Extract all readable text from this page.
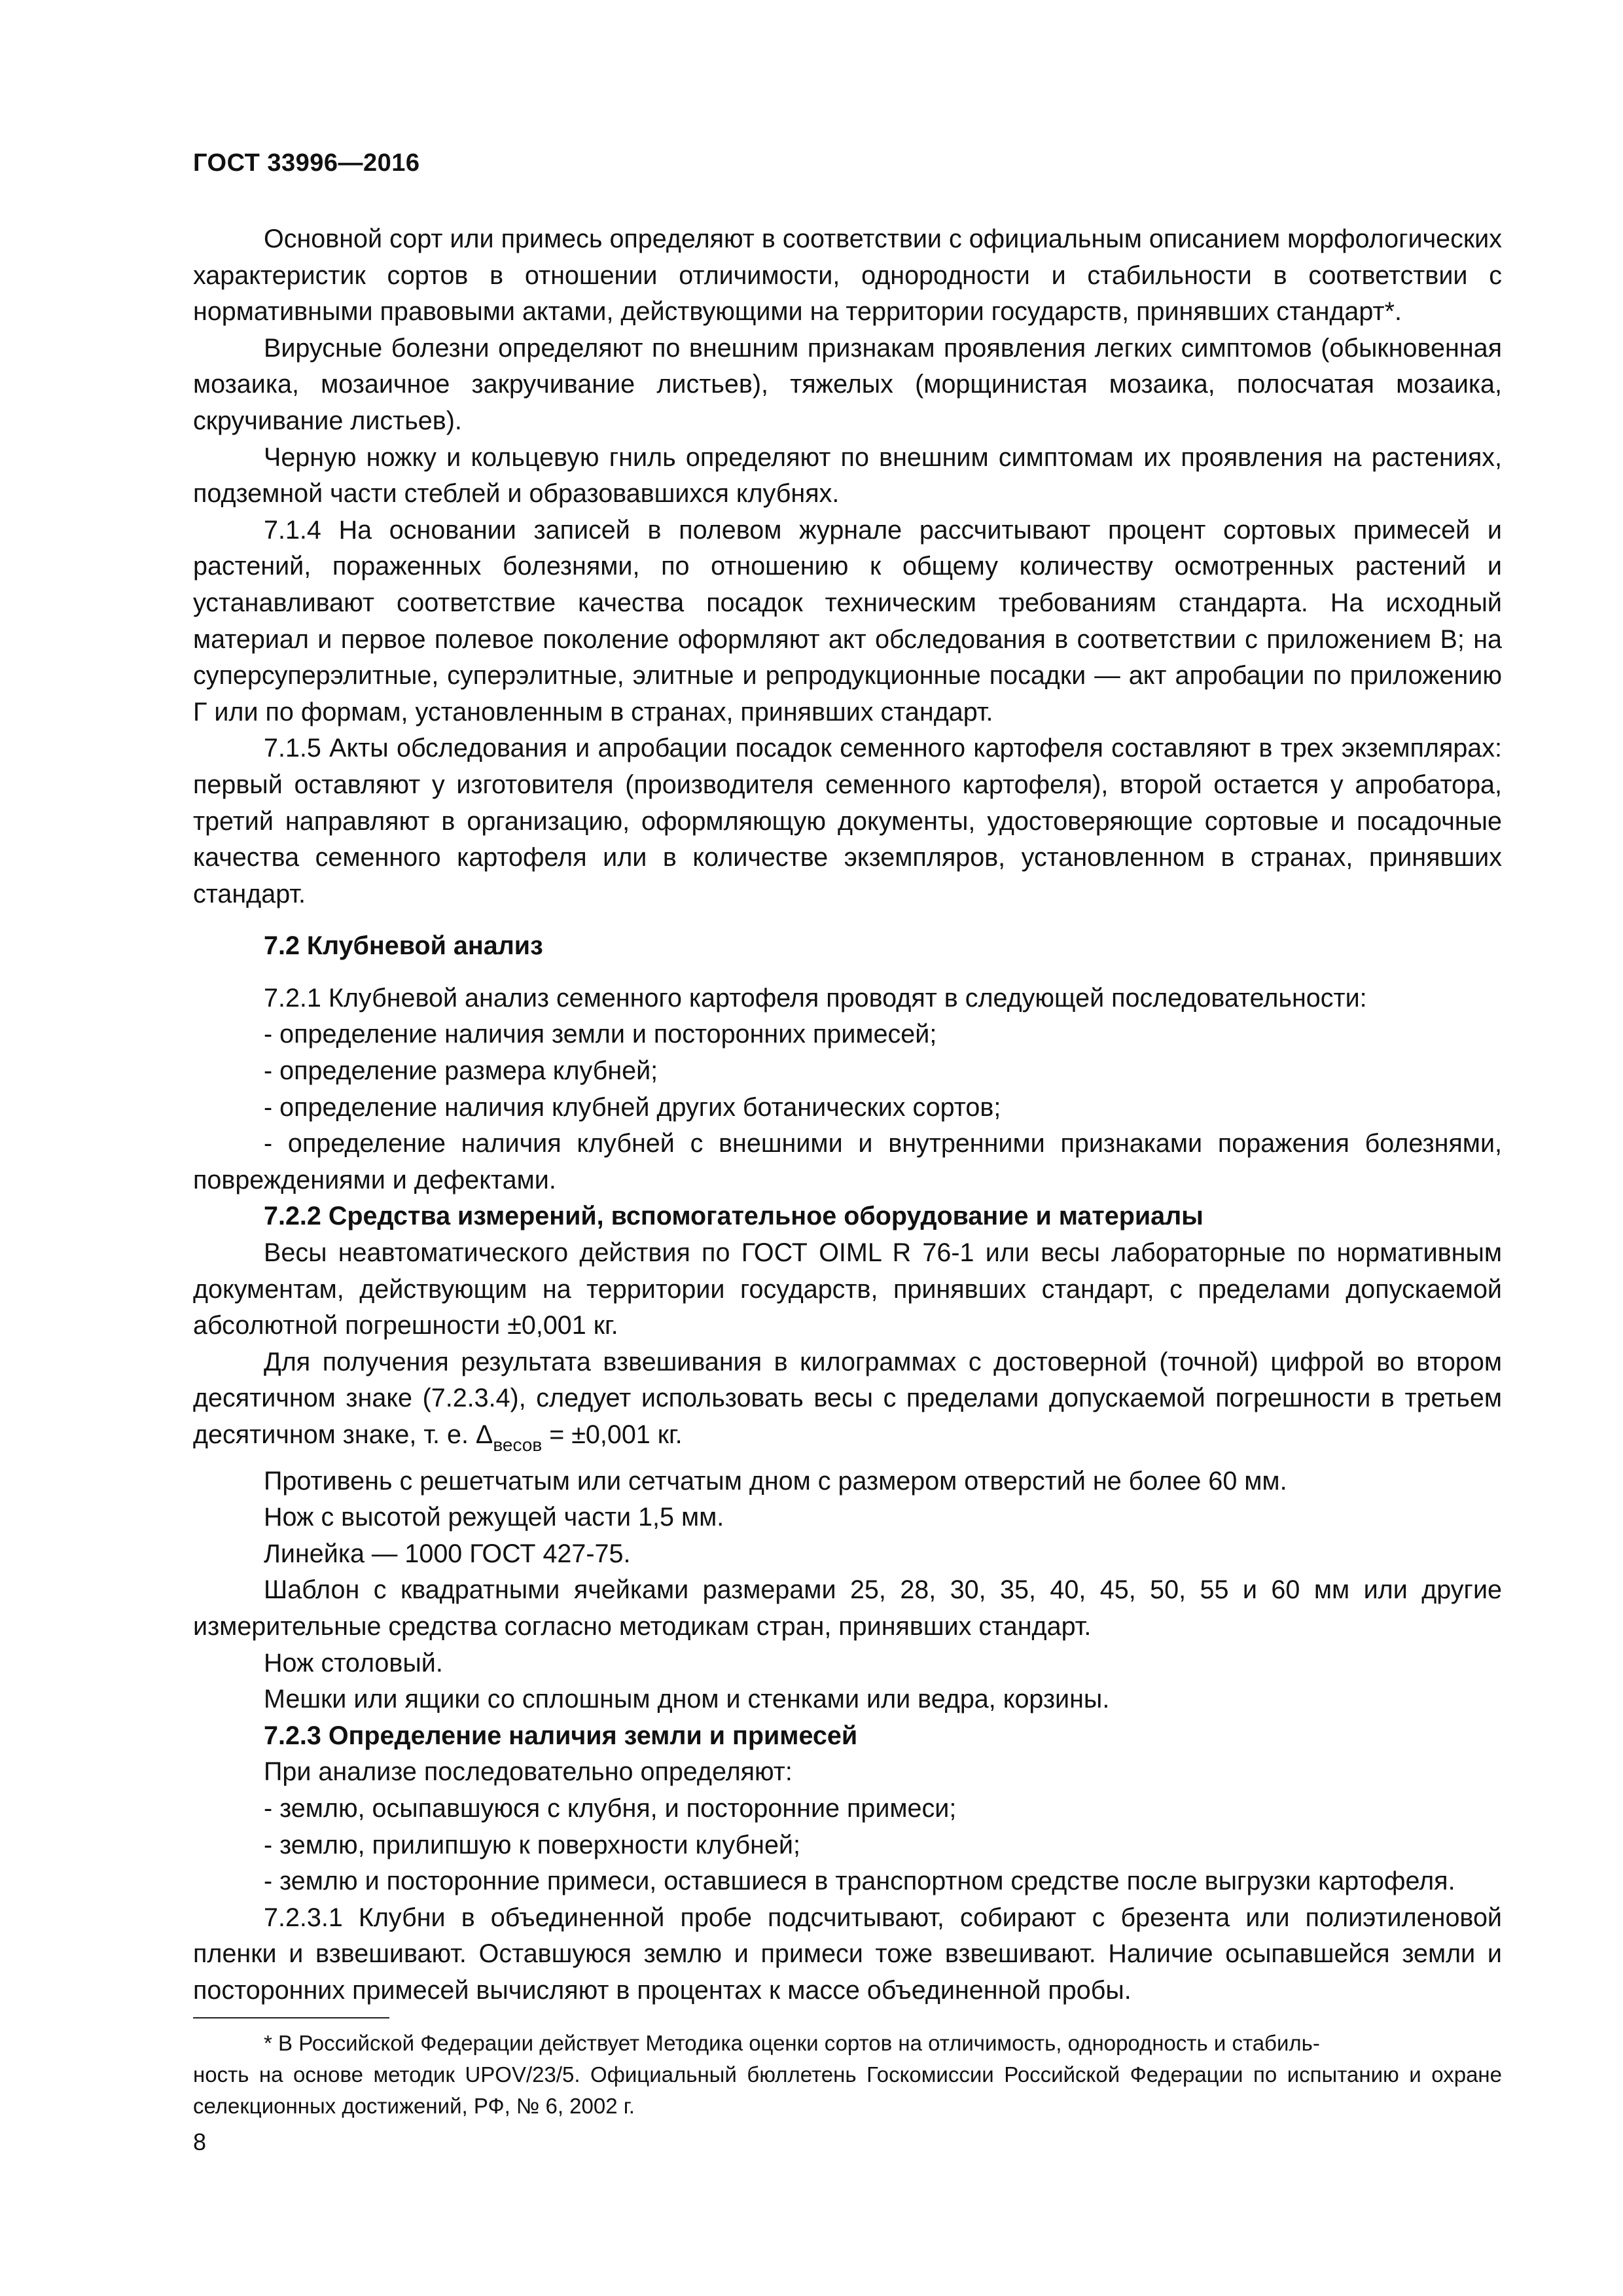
ГОСТ 33996—2016

Основной сорт или примесь определяют в соответствии с официальным описанием морфологических характеристик сортов в отношении отличимости, однородности и стабильности в соответствии с нормативными правовыми актами, действующими на территории государств, принявших стандарт*.

Вирусные болезни определяют по внешним признакам проявления легких симптомов (обыкновенная мозаика, мозаичное закручивание листьев), тяжелых (морщинистая мозаика, полосчатая мозаика, скручивание листьев).

Черную ножку и кольцевую гниль определяют по внешним симптомам их проявления на растениях, подземной части стеблей и образовавшихся клубнях.

7.1.4 На основании записей в полевом журнале рассчитывают процент сортовых примесей и растений, пораженных болезнями, по отношению к общему количеству осмотренных растений и устанавливают соответствие качества посадок техническим требованиям стандарта. На исходный материал и первое полевое поколение оформляют акт обследования в соответствии с приложением В; на суперсуперэлитные, суперэлитные, элитные и репродукционные посадки — акт апробации по приложению Г или по формам, установленным в странах, принявших стандарт.

7.1.5 Акты обследования и апробации посадок семенного картофеля составляют в трех экземплярах: первый оставляют у изготовителя (производителя семенного картофеля), второй остается у апробатора, третий направляют в организацию, оформляющую документы, удостоверяющие сортовые и посадочные качества семенного картофеля или в количестве экземпляров, установленном в странах, принявших стандарт.

7.2 Клубневой анализ

7.2.1 Клубневой анализ семенного картофеля проводят в следующей последовательности:

- определение наличия земли и посторонних примесей;

- определение размера клубней;

- определение наличия клубней других ботанических сортов;

- определение наличия клубней с внешними и внутренними признаками поражения болезнями, повреждениями и дефектами.

7.2.2 Средства измерений, вспомогательное оборудование и материалы

Весы неавтоматического действия по ГОСТ OIML R 76-1 или весы лабораторные по нормативным документам, действующим на территории государств, принявших стандарт, с пределами допускаемой абсолютной погрешности ±0,001 кг.

Для получения результата взвешивания в килограммах с достоверной (точной) цифрой во втором десятичном знаке (7.2.3.4), следует использовать весы с пределами допускаемой погрешности в третьем десятичном знаке, т. е. $\Delta_{весов} = \pm 0,001$ кг.

Противень с решетчатым или сетчатым дном с размером отверстий не более 60 мм.

Нож с высотой режущей части 1,5 мм.

Линейка — 1000 ГОСТ 427-75.

Шаблон с квадратными ячейками размерами 25, 28, 30, 35, 40, 45, 50, 55 и 60 мм или другие измерительные средства согласно методикам стран, принявших стандарт.

Нож столовый.

Мешки или ящики со сплошным дном и стенками или ведра, корзины.

7.2.3 Определение наличия земли и примесей

При анализе последовательно определяют:

- землю, осыпавшуюся с клубня, и посторонние примеси;

- землю, прилипшую к поверхности клубней;

- землю и посторонние примеси, оставшиеся в транспортном средстве после выгрузки картофеля.

7.2.3.1 Клубни в объединенной пробе подсчитывают, собирают с брезента или полиэтиленовой пленки и взвешивают. Оставшуюся землю и примеси тоже взвешивают. Наличие осыпавшейся земли и посторонних примесей вычисляют в процентах к массе объединенной пробы.

* В Российской Федерации действует Методика оценки сортов на отличимость, однородность и стабиль-
ность на основе методик UPOV/23/5. Официальный бюллетень Госкомиссии Российской Федерации по испытанию и охране селекционных достижений, РФ, № 6, 2002 г.
8
